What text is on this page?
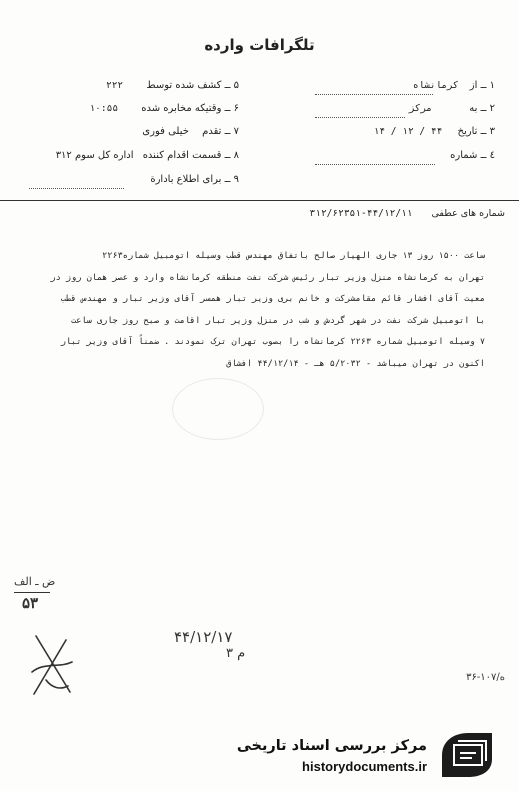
تلگرافات وارده
۱ ــ از کرمانشاه
۲ ــ به مرکز
۳ ــ تاریخ ۴۴ / ۱۲ / ۱۴
٤ ــ شماره
۵ ــ کشف شده توسط ۲۲۲
۶ ــ وقتیکه مخابره شده ۱۰:۵۵
۷ ــ تقدم خیلی فوری
۸ ــ قسمت اقدام کننده اداره کل سوم ۳۱۲
۹ ــ برای اطلاع بادارة
شماره های عطفی ۴۴/۱۲/۱۱-۳۱۲/۶۲۳۵۱

ساعت ۱۵۰۰ روز ۱۳ جاری الهیار صالح باتفاق مهندس قطب وسیله اتومبیل شماره۲۲۶۳

تهران به کرمانشاه منزل وزیر تبار رئیس شرکت نفت منطقه کرمانشاه وارد و عصر همان روز در

معیت آقای افشار قائم مقامشرکت و خانم بری وزیر تبار همسر آقای وزیر تبار و مهندس قطب

با اتومبیل شرکت نفت در شهر گردش و شب در منزل وزیر تبار اقامت و صبح روز جاری ساعت

۷ وسیله اتومبیل شماره ۲۲۶۳ کرمانشاه را بصوب تهران ترک نمودند . ضمناً آقای وزیر تبار

اکنون در تهران میباشد - ۵/۲۰۳۲ هـ - ۴۴/۱۲/۱۴ افشاق

ض ـ الف
۵۳
۴۴/۱۲/۱۷
۳ م
۳۶-۱۰۷/ه
مرکز بررسی اسناد تاریخی
historydocuments.ir
